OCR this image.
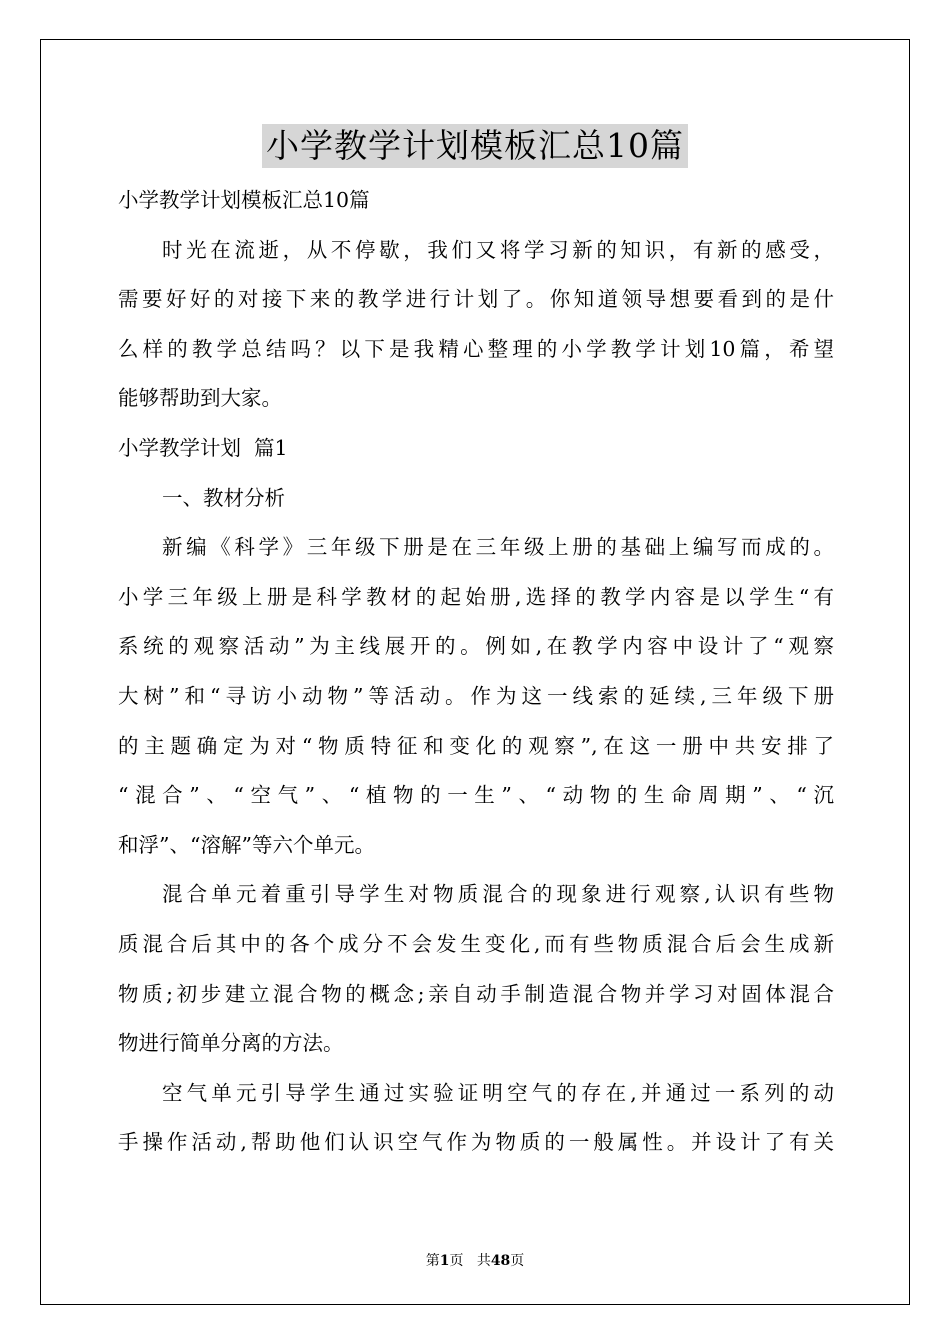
小学教学计划模板汇总10篇
小学教学计划模板汇总10篇
时光在流逝，从不停歇，我们又将学习新的知识，有新的感受，
需要好好的对接下来的教学进行计划了。你知道领导想要看到的是什
么样的教学总结吗？以下是我精心整理的小学教学计划10篇，希望
能够帮助到大家。
小学教学计划  篇1
一、教材分析
新编《科学》三年级下册是在三年级上册的基础上编写而成的。
小学三年级上册是科学教材的起始册,选择的教学内容是以学生“有
系统的观察活动”为主线展开的。例如,在教学内容中设计了“观察
大树”和“寻访小动物”等活动。作为这一线索的延续,三年级下册
的主题确定为对“物质特征和变化的观察”,在这一册中共安排了
“混合”、“空气”、“植物的一生”、“动物的生命周期”、“沉
和浮”、“溶解”等六个单元。
混合单元着重引导学生对物质混合的现象进行观察,认识有些物
质混合后其中的各个成分不会发生变化,而有些物质混合后会生成新
物质;初步建立混合物的概念;亲自动手制造混合物并学习对固体混合
物进行简单分离的方法。
空气单元引导学生通过实验证明空气的存在,并通过一系列的动
手操作活动,帮助他们认识空气作为物质的一般属性。并设计了有关
第1页 共48页
